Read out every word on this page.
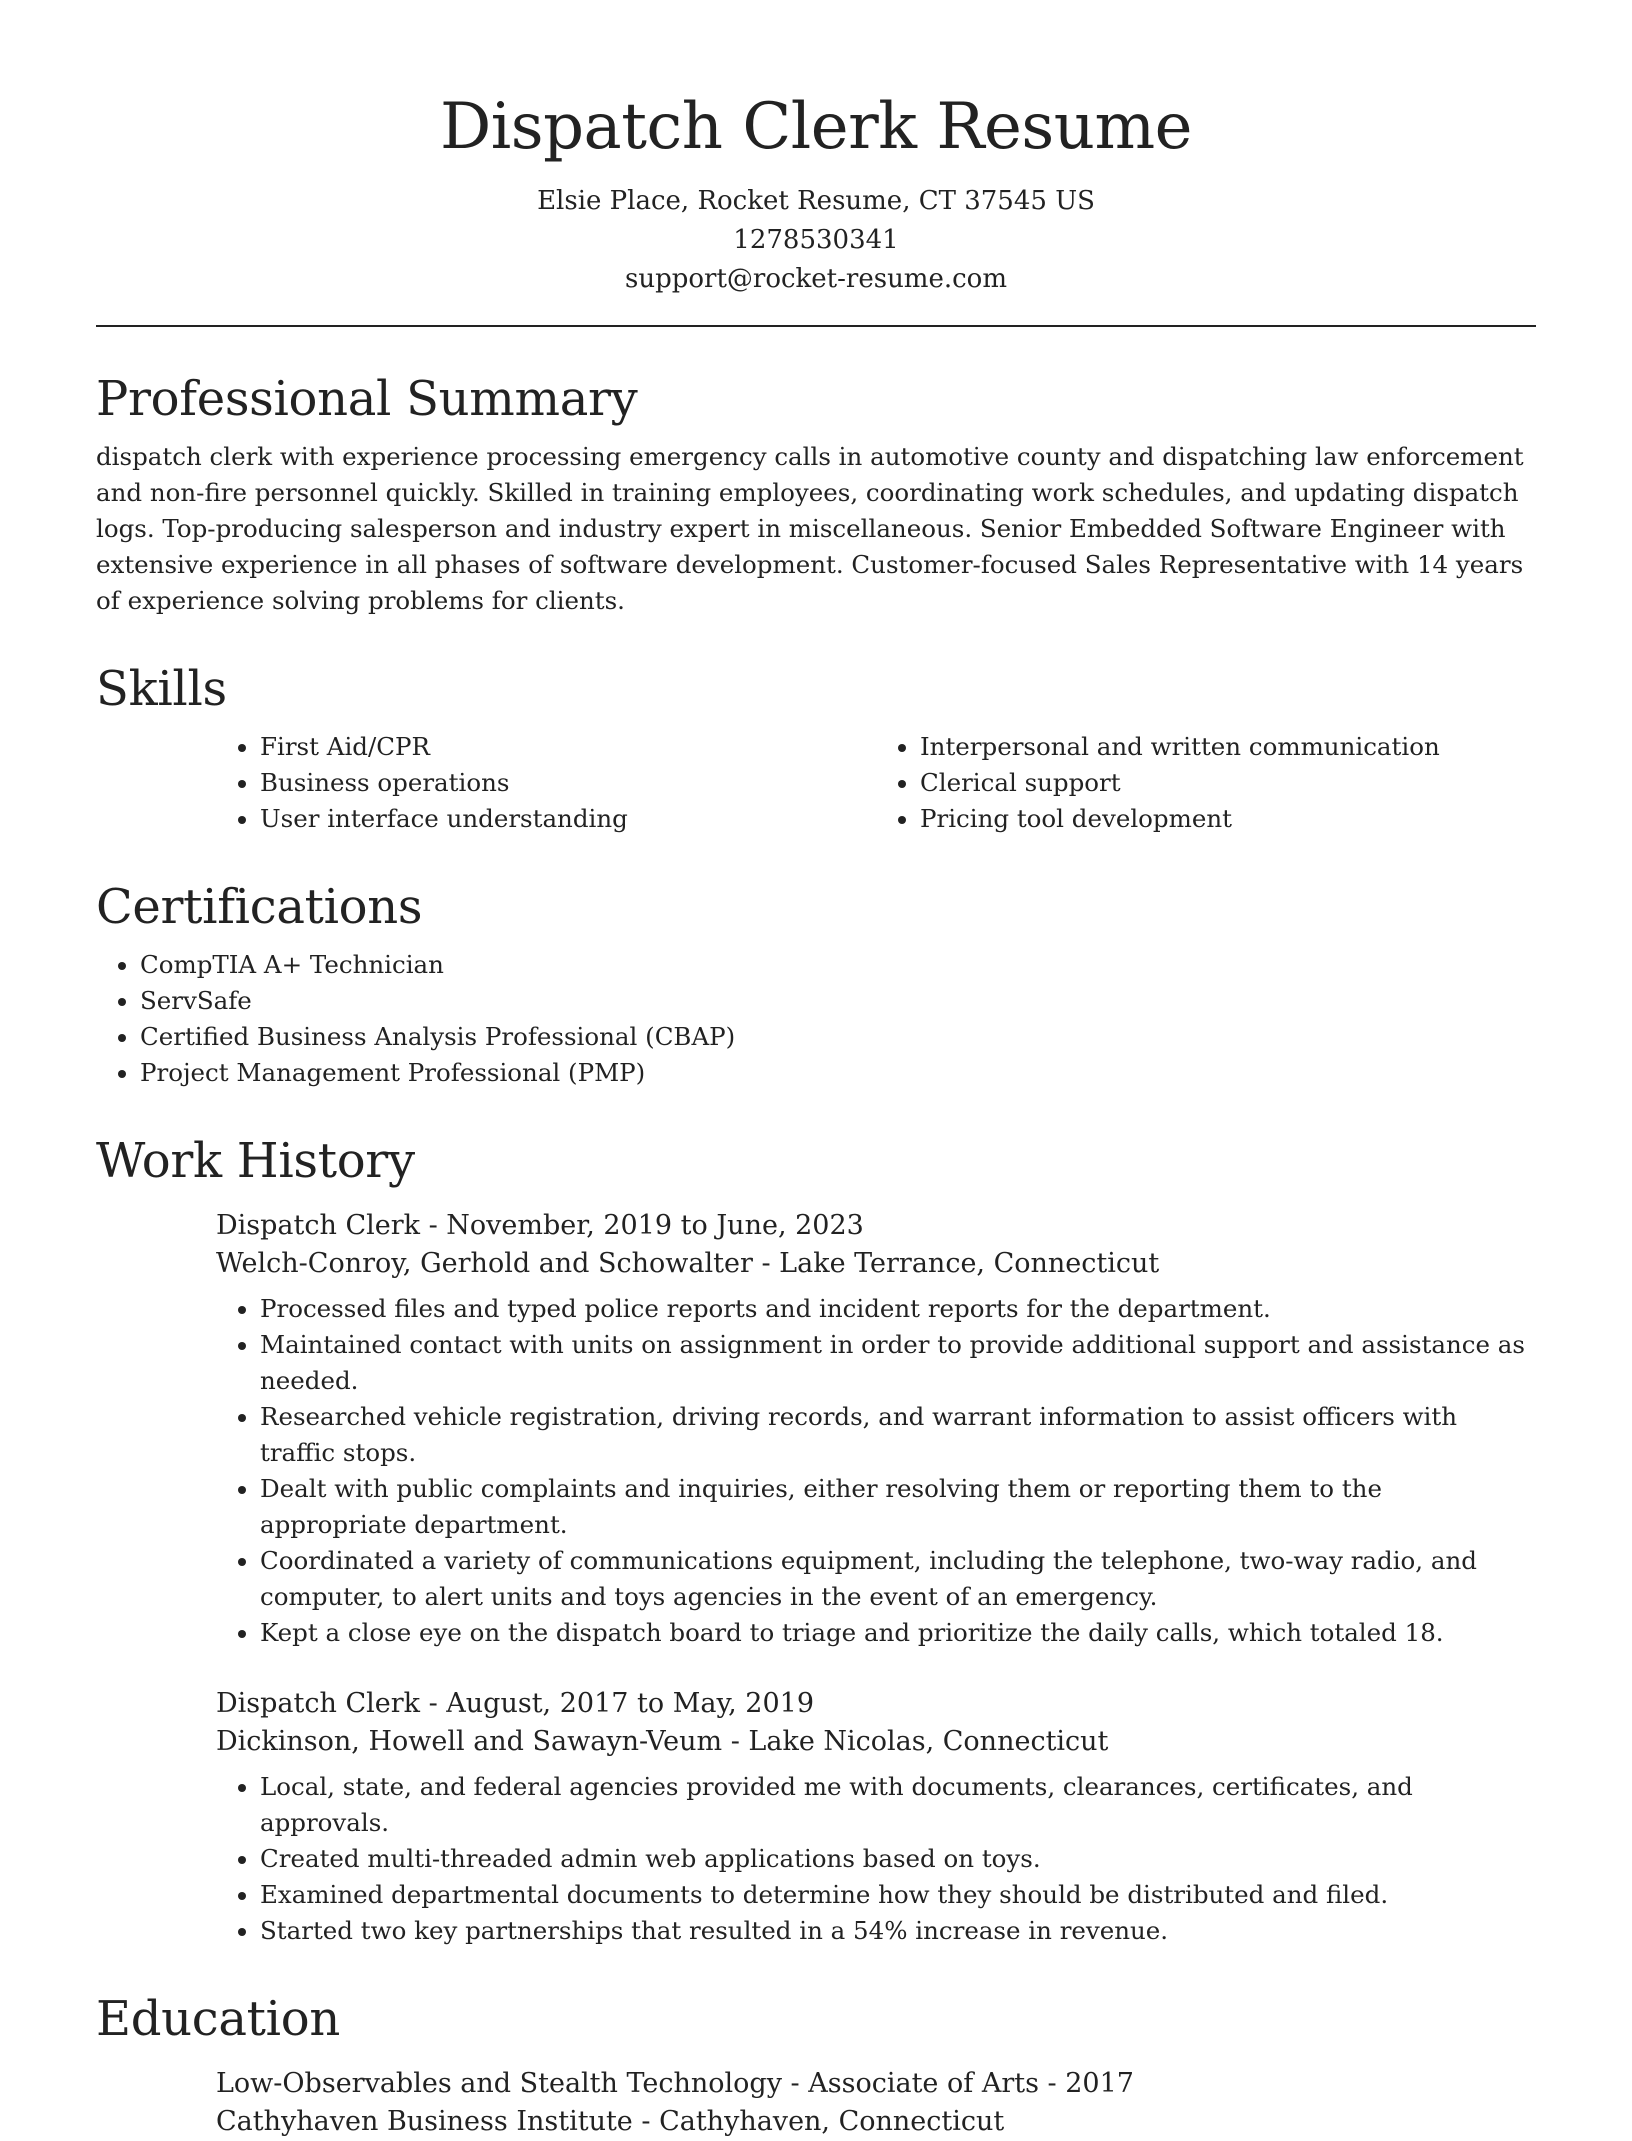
Dispatch Clerk Resume

Elsie Place, Rocket Resume, CT 37545 US

1278530341

support@rocket-resume.com

Professional Summary

dispatch clerk with experience processing emergency calls in automotive county and dispatching law enforcement and non-fire personnel quickly. Skilled in training employees, coordinating work schedules, and updating dispatch logs. Top-producing salesperson and industry expert in miscellaneous. Senior Embedded Software Engineer with extensive experience in all phases of software development. Customer-focused Sales Representative with 14 years of experience solving problems for clients.

Skills
• First Aid/CPR
• Business operations
• User interface understanding
• Interpersonal and written communication
• Clerical support
• Pricing tool development
Certifications
• CompTIA A+ Technician
• ServSafe
• Certified Business Analysis Professional (CBAP)
• Project Management Professional (PMP)
Work History

Dispatch Clerk - November, 2019 to June, 2023

Welch-Conroy, Gerhold and Schowalter - Lake Terrance, Connecticut

• Processed files and typed police reports and incident reports for the department.
• Maintained contact with units on assignment in order to provide additional support and assistance as needed.
• Researched vehicle registration, driving records, and warrant information to assist officers with traffic stops.
• Dealt with public complaints and inquiries, either resolving them or reporting them to the appropriate department.
• Coordinated a variety of communications equipment, including the telephone, two-way radio, and computer, to alert units and toys agencies in the event of an emergency.
• Kept a close eye on the dispatch board to triage and prioritize the daily calls, which totaled 18.

Dispatch Clerk - August, 2017 to May, 2019

Dickinson, Howell and Sawayn-Veum - Lake Nicolas, Connecticut

• Local, state, and federal agencies provided me with documents, clearances, certificates, and approvals.
• Created multi-threaded admin web applications based on toys.
• Examined departmental documents to determine how they should be distributed and filed.
• Started two key partnerships that resulted in a 54% increase in revenue.
Education

Low-Observables and Stealth Technology - Associate of Arts - 2017

Cathyhaven Business Institute - Cathyhaven, Connecticut
